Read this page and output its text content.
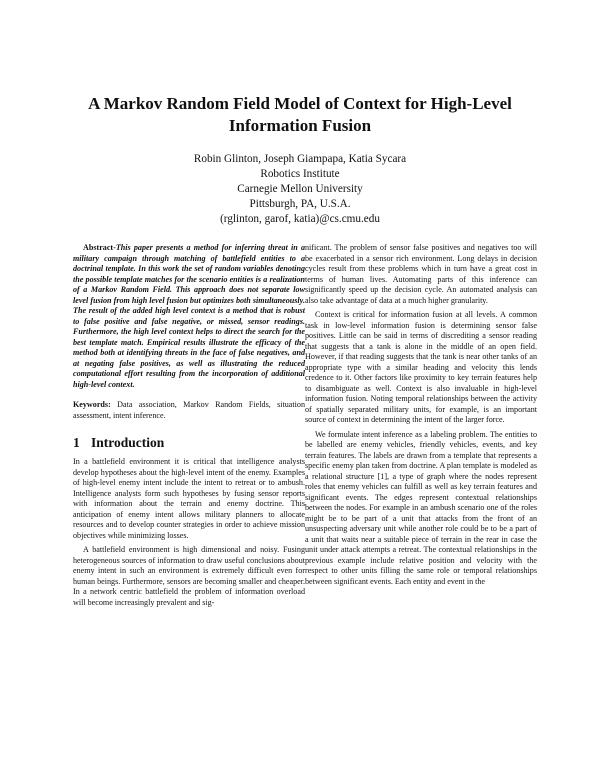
A Markov Random Field Model of Context for High-Level
Information Fusion
Robin Glinton, Joseph Giampapa, Katia Sycara
Robotics Institute
Carnegie Mellon University
Pittsburgh, PA, U.S.A.
(rglinton, garof, katia)@cs.cmu.edu

Abstract-This paper presents a method for inferring threat in a military campaign through matching of battlefield entities to a doctrinal template. In this work the set of random variables denoting the possible template matches for the scenario entities is a realization of a Markov Random Field. This approach does not separate low level fusion from high level fusion but optimizes both simultaneously. The result of the added high level context is a method that is robust to false positive and false negative, or missed, sensor readings. Furthermore, the high level context helps to direct the search for the best template match. Empirical results illustrate the efficacy of the method both at identifying threats in the face of false negatives, and at negating false positives, as well as illustrating the reduced computational effort resulting from the incorporation of additional high-level context.

Keywords: Data association, Markov Random Fields, situation assessment, intent inference.

1 Introduction

In a battlefield environment it is critical that intelligence analysts develop hypotheses about the high-level intent of the enemy. Examples of high-level enemy intent include the intent to retreat or to ambush. Intelligence analysts form such hypotheses by fusing sensor reports with information about the terrain and enemy doctrine. This anticipation of enemy intent allows military planners to allocate resources and to develop counter strategies in order to achieve mission objectives while minimizing losses.

A battlefield environment is high dimensional and noisy. Fusing heterogeneous sources of information to draw useful conclusions about enemy intent in such an environment is extremely difficult even for human beings. Furthermore, sensors are becoming smaller and cheaper. In a network centric battlefield the problem of information overload will become increasingly prevalent and sig-

nificant. The problem of sensor false positives and negatives too will be exacerbated in a sensor rich environment. Long delays in decision cycles result from these problems which in turn have a great cost in terms of human lives. Automating parts of this inference can significantly speed up the decision cycle. An automated analysis can also take advantage of data at a much higher granularity.

Context is critical for information fusion at all levels. A common task in low-level information fusion is determining sensor false positives. Little can be said in terms of discrediting a sensor reading that suggests that a tank is alone in the middle of an open field. However, if that reading suggests that the tank is near other tanks of an appropriate type with a similar heading and velocity this lends credence to it. Other factors like proximity to key terrain features help to disambiguate as well. Context is also invaluable in high-level information fusion. Noting temporal relationships between the activity of spatially separated military units, for example, is an important source of context in determining the intent of the larger force.

We formulate intent inference as a labeling problem. The entities to be labelled are enemy vehicles, friendly vehicles, events, and key terrain features. The labels are drawn from a template that represents a specific enemy plan taken from doctrine. A plan template is modeled as a relational structure [1], a type of graph where the nodes represent roles that enemy vehicles can fulfill as well as key terrain features and significant events. The edges represent contextual relationships between the nodes. For example in an ambush scenario one of the roles might be to be part of a unit that attacks from the front of an unsuspecting adversary unit while another role could be to be a part of a unit that waits near a suitable piece of terrain in the rear in case the unit under attack attempts a retreat. The contextual relationships in the previous example include relative position and velocity with the respect to other units filling the same role or temporal relationships between significant events. Each entity and event in the
